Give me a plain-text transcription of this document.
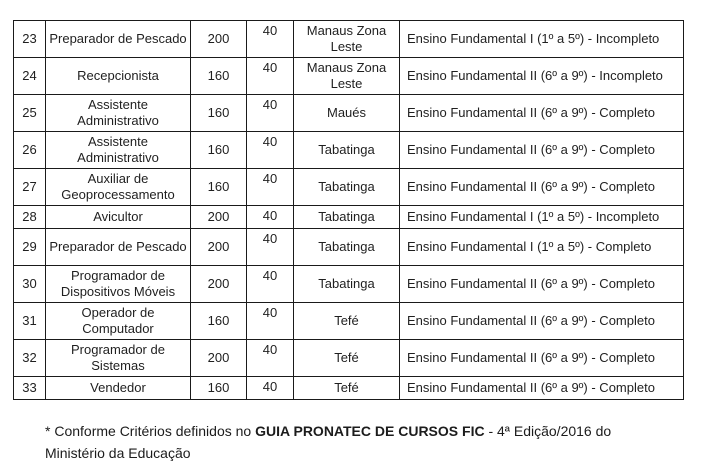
23	Preparador de Pescado	200	40	Manaus Zona Leste	Ensino Fundamental I (1º a 5º) - Incompleto
24	Recepcionista	160	40	Manaus Zona Leste	Ensino Fundamental II (6º a 9º) - Incompleto
25	Assistente Administrativo	160	40	Maués	Ensino Fundamental II (6º a 9º) - Completo
26	Assistente Administrativo	160	40	Tabatinga	Ensino Fundamental II (6º a 9º) - Completo
27	Auxiliar de Geoprocessamento	160	40	Tabatinga	Ensino Fundamental II (6º a 9º) - Completo
28	Avicultor	200	40	Tabatinga	Ensino Fundamental I (1º a 5º) - Incompleto
29	Preparador de Pescado	200	40	Tabatinga	Ensino Fundamental I (1º a 5º) - Completo
30	Programador de Dispositivos Móveis	200	40	Tabatinga	Ensino Fundamental II (6º a 9º) - Completo
31	Operador de Computador	160	40	Tefé	Ensino Fundamental II (6º a 9º) - Completo
32	Programador de Sistemas	200	40	Tefé	Ensino Fundamental II (6º a 9º) - Completo
33	Vendedor	160	40	Tefé	Ensino Fundamental II (6º a 9º) - Completo

* Conforme Critérios definidos no GUIA PRONATEC DE CURSOS FIC - 4ª Edição/2016 do Ministério da Educação
